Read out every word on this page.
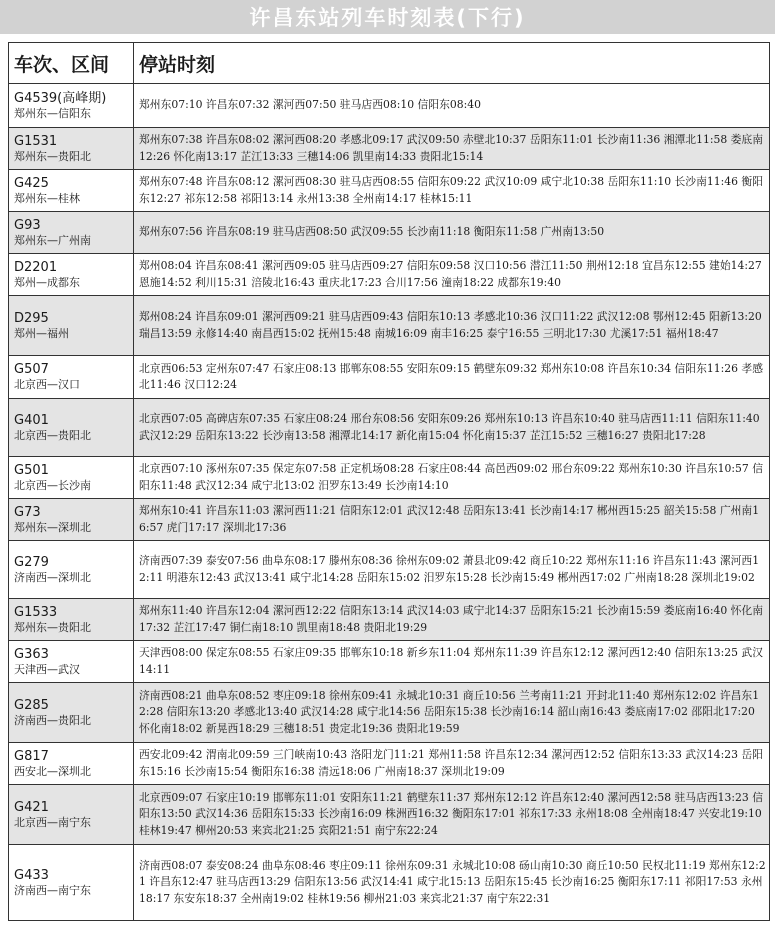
许昌东站列车时刻表(下行)
车次、区间	停站时刻

G4539(高峰期)
郑州东—信阳东	郑州东07:10 许昌东07:32 漯河西07:50 驻马店西08:10 信阳东08:40

G1531
郑州东—贵阳北	郑州东07:38 许昌东08:02 漯河西08:20 孝感北09:17 武汉09:50 赤壁北10:37 岳阳东11:01 长沙南11:36 湘潭北11:58 娄底南12:26 怀化南13:17 芷江13:33 三穗14:06 凯里南14:33 贵阳北15:14

G425
郑州东—桂林	郑州东07:48 许昌东08:12 漯河西08:30 驻马店西08:55 信阳东09:22 武汉10:09 咸宁北10:38 岳阳东11:10 长沙南11:46 衡阳东12:27 祁东12:58 祁阳13:14 永州13:38 全州南14:17 桂林15:11

G93
郑州东—广州南	郑州东07:56 许昌东08:19 驻马店西08:50 武汉09:55 长沙南11:18 衡阳东11:58 广州南13:50

D2201
郑州—成都东	郑州08:04 许昌东08:41 漯河西09:05 驻马店西09:27 信阳东09:58 汉口10:56 潜江11:50 荆州12:18 宜昌东12:55 建始14:27 恩施14:52 利川15:31 涪陵北16:43 重庆北17:23 合川17:56 潼南18:22 成都东19:40

D295
郑州—福州	郑州08:24 许昌东09:01 漯河西09:21 驻马店西09:43 信阳东10:13 孝感北10:36 汉口11:22 武汉12:08 鄂州12:45 阳新13:20 瑞昌13:59 永修14:40 南昌西15:02 抚州15:48 南城16:09 南丰16:25 泰宁16:55 三明北17:30 尤溪17:51 福州18:47

G507
北京西—汉口	北京西06:53 定州东07:47 石家庄08:13 邯郸东08:55 安阳东09:15 鹤壁东09:32 郑州东10:08 许昌东10:34 信阳东11:26 孝感北11:46 汉口12:24

G401
北京西—贵阳北	北京西07:05 高碑店东07:35 石家庄08:24 邢台东08:56 安阳东09:26 郑州东10:13 许昌东10:40 驻马店西11:11 信阳东11:40 武汉12:29 岳阳东13:22 长沙南13:58 湘潭北14:17 新化南15:04 怀化南15:37 芷江15:52 三穗16:27 贵阳北17:28

G501
北京西—长沙南	北京西07:10 涿州东07:35 保定东07:58 正定机场08:28 石家庄08:44 高邑西09:02 邢台东09:22 郑州东10:30 许昌东10:57 信阳东11:48 武汉12:34 咸宁北13:02 汨罗东13:49 长沙南14:10

G73
郑州东—深圳北	郑州东10:41 许昌东11:03 漯河西11:21 信阳东12:01 武汉12:48 岳阳东13:41 长沙南14:17 郴州西15:25 韶关15:58 广州南16:57 虎门17:17 深圳北17:36

G279
济南西—深圳北	济南西07:39 泰安07:56 曲阜东08:17 滕州东08:36 徐州东09:02 萧县北09:42 商丘10:22 郑州东11:16 许昌东11:43 漯河西12:11 明港东12:43 武汉13:41 咸宁北14:28 岳阳东15:02 汨罗东15:28 长沙南15:49 郴州西17:02 广州南18:28 深圳北19:02

G1533
郑州东—贵阳北	郑州东11:40 许昌东12:04 漯河西12:22 信阳东13:14 武汉14:03 咸宁北14:37 岳阳东15:21 长沙南15:59 娄底南16:40 怀化南17:32 芷江17:47 铜仁南18:10 凯里南18:48 贵阳北19:29

G363
天津西—武汉	天津西08:00 保定东08:55 石家庄09:35 邯郸东10:18 新乡东11:04 郑州东11:39 许昌东12:12 漯河西12:40 信阳东13:25 武汉14:11

G285
济南西—贵阳北	济南西08:21 曲阜东08:52 枣庄09:18 徐州东09:41 永城北10:31 商丘10:56 兰考南11:21 开封北11:40 郑州东12:02 许昌东12:28 信阳东13:20 孝感北13:40 武汉14:28 咸宁北14:56 岳阳东15:38 长沙南16:14 韶山南16:43 娄底南17:02 邵阳北17:20 怀化南18:02 新晃西18:29 三穗18:51 贵定北19:36 贵阳北19:59

G817
西安北—深圳北	西安北09:42 渭南北09:59 三门峡南10:43 洛阳龙门11:21 郑州11:58 许昌东12:34 漯河西12:52 信阳东13:33 武汉14:23 岳阳东15:16 长沙南15:54 衡阳东16:38 清远18:06 广州南18:37 深圳北19:09

G421
北京西—南宁东	北京西09:07 石家庄10:19 邯郸东11:01 安阳东11:21 鹤壁东11:37 郑州东12:12 许昌东12:40 漯河西12:58 驻马店西13:23 信阳东13:50 武汉14:36 岳阳东15:33 长沙南16:09 株洲西16:32 衡阳东17:01 祁东17:33 永州18:08 全州南18:47 兴安北19:10 桂林19:47 柳州20:53 来宾北21:25 宾阳21:51 南宁东22:24

G433
济南西—南宁东	济南西08:07 泰安08:24 曲阜东08:46 枣庄09:11 徐州东09:31 永城北10:08 砀山南10:30 商丘10:50 民权北11:19 郑州东12:21 许昌东12:47 驻马店西13:29 信阳东13:56 武汉14:41 咸宁北15:13 岳阳东15:45 长沙南16:25 衡阳东17:11 祁阳17:53 永州18:17 东安东18:37 全州南19:02 桂林19:56 柳州21:03 来宾北21:37 南宁东22:31
